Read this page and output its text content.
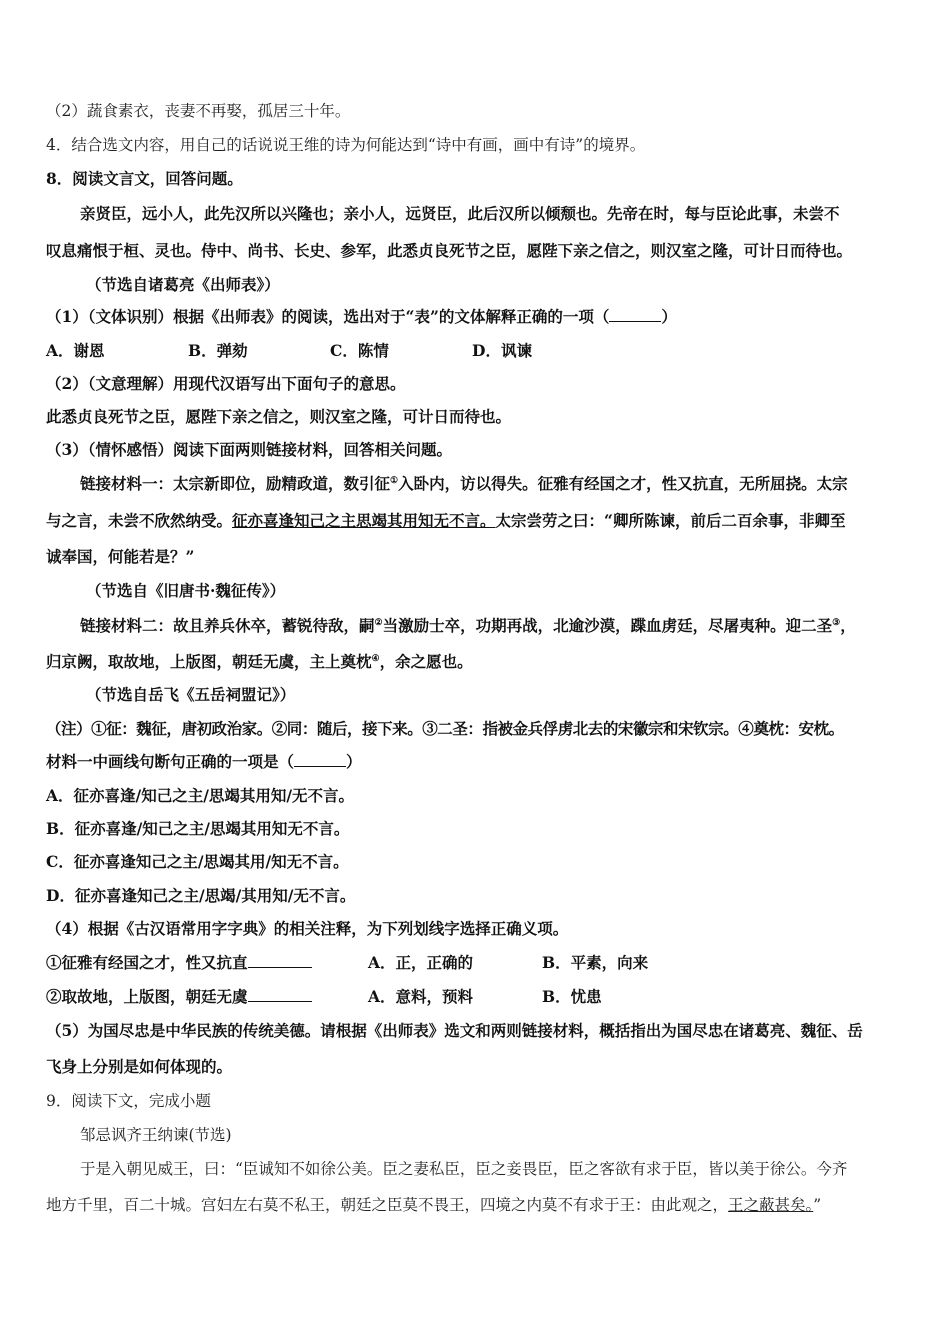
（2）蔬食素衣，丧妻不再娶，孤居三十年。
4．结合选文内容，用自己的话说说王维的诗为何能达到“诗中有画，画中有诗”的境界。
8．阅读文言文，回答问题。
亲贤臣，远小人，此先汉所以兴隆也；亲小人，远贤臣，此后汉所以倾颓也。先帝在时，每与臣论此事，未尝不
叹息痛恨于桓、灵也。侍中、尚书、长史、参军，此悉贞良死节之臣，愿陛下亲之信之，则汉室之隆，可计日而待也。
（节选自诸葛亮《出师表》）
（1）（文体识别）根据《出师表》的阅读，选出对于“表”的文体解释正确的一项（	）
A．谢恩	B．弹劾	C．陈情	D．讽谏
（2）（文意理解）用现代汉语写出下面句子的意思。
此悉贞良死节之臣，愿陛下亲之信之，则汉室之隆，可计日而待也。
（3）（情怀感悟）阅读下面两则链接材料，回答相关问题。
链接材料一：太宗新即位，励精政道，数引征①入卧内，访以得失。征雅有经国之才，性又抗直，无所屈挠。太宗
与之言，未尝不欣然纳受。征亦喜逢知己之主思竭其用知无不言。太宗尝劳之曰：“卿所陈谏，前后二百余事，非卿至
诚奉国，何能若是？”
（节选自《旧唐书·魏征传》）
链接材料二：故且养兵休卒，蓄锐待敌，嗣②当激励士卒，功期再战，北逾沙漠，蹀血虏廷，尽屠夷种。迎二圣③，
归京阙，取故地，上版图，朝廷无虞，主上奠枕④，余之愿也。
（节选自岳飞《五岳祠盟记》）
（注）①征：魏征，唐初政治家。②同：随后，接下来。③二圣：指被金兵俘虏北去的宋徽宗和宋钦宗。④奠枕：安枕。
材料一中画线句断句正确的一项是（	）
A．征亦喜逢/知己之主/思竭其用知/无不言。
B．征亦喜逢/知己之主/思竭其用知无不言。
C．征亦喜逢知己之主/思竭其用/知无不言。
D．征亦喜逢知己之主/思竭/其用知/无不言。
（4）根据《古汉语常用字字典》的相关注释，为下列划线字选择正确义项。
①征雅有经国之才，性又抗直	A．正，正确的	B．平素，向来
②取故地，上版图，朝廷无虞	A．意料，预料	B．忧患
（5）为国尽忠是中华民族的传统美德。请根据《出师表》选文和两则链接材料，概括指出为国尽忠在诸葛亮、魏征、岳
飞身上分别是如何体现的。
9．阅读下文，完成小题
邹忌讽齐王纳谏(节选)
于是入朝见威王，曰：“臣诚知不如徐公美。臣之妻私臣，臣之妾畏臣，臣之客欲有求于臣，皆以美于徐公。今齐
地方千里，百二十城。宫妇左右莫不私王，朝廷之臣莫不畏王，四境之内莫不有求于王：由此观之，王之蔽甚矣。”
